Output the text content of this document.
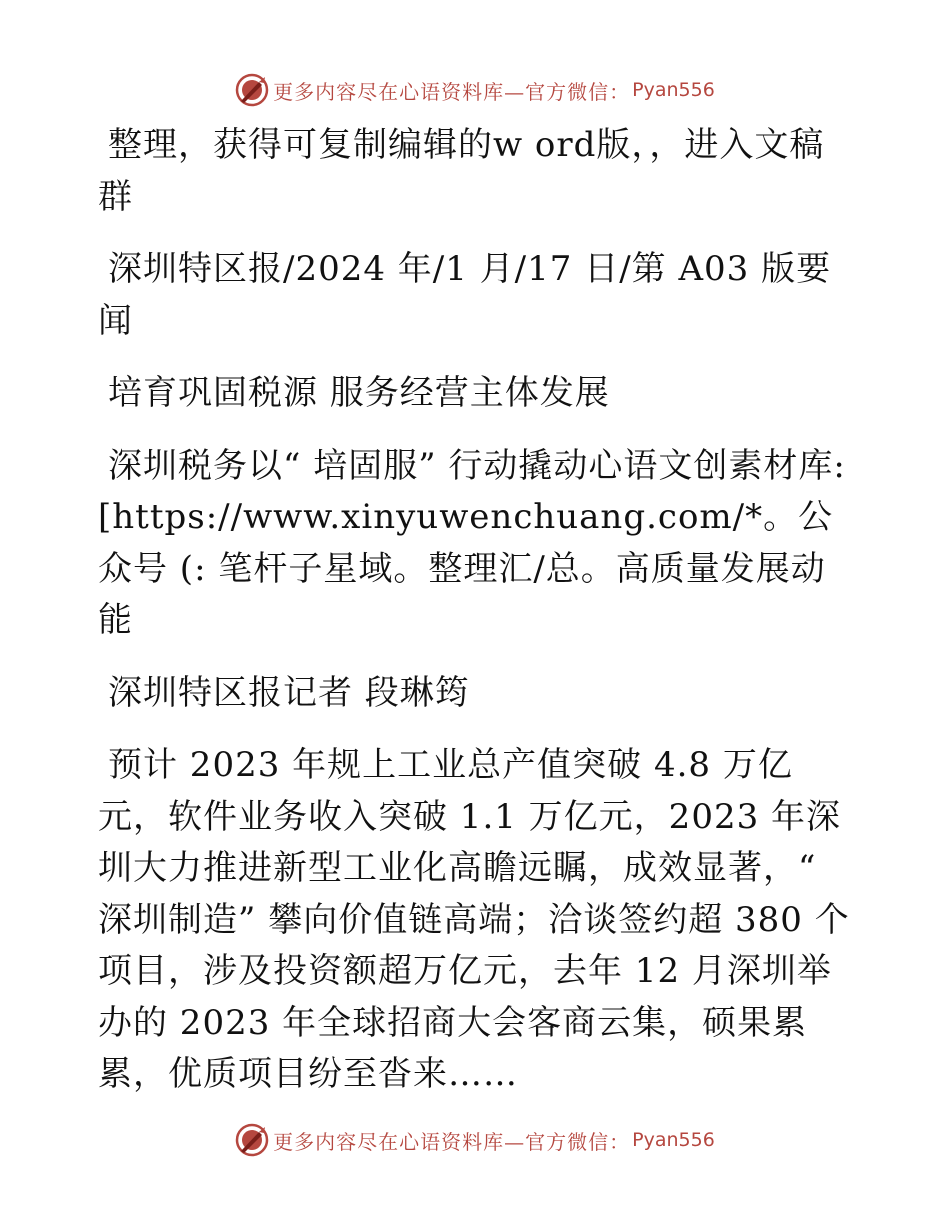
更多内容尽在心语资料库—官方微信： Pyan556

整理，获得可复制编辑的w ord版，，进入文稿群

深圳特区报/2024 年/1 月/17 日/第 A03 版要闻

培育巩固税源 服务经营主体发展

深圳税务以“ 培固服” 行动撬动心语文创素材库: [https://www.xinyuwenchuang.com/*。公众号 (: 笔杆子星域。整理汇/总。高质量发展动能

深圳特区报记者 段琳筠

预计 2023 年规上工业总产值突破 4.8 万亿元，软件业务收入突破 1.1 万亿元，2023 年深圳大力推进新型工业化高瞻远瞩，成效显著，“ 深圳制造” 攀向价值链高端；洽谈签约超 380 个项目，涉及投资额超万亿元，去年 12 月深圳举办的 2023 年全球招商大会客商云集，硕果累累，优质项目纷至沓来……

更多内容尽在心语资料库—官方微信： Pyan556
